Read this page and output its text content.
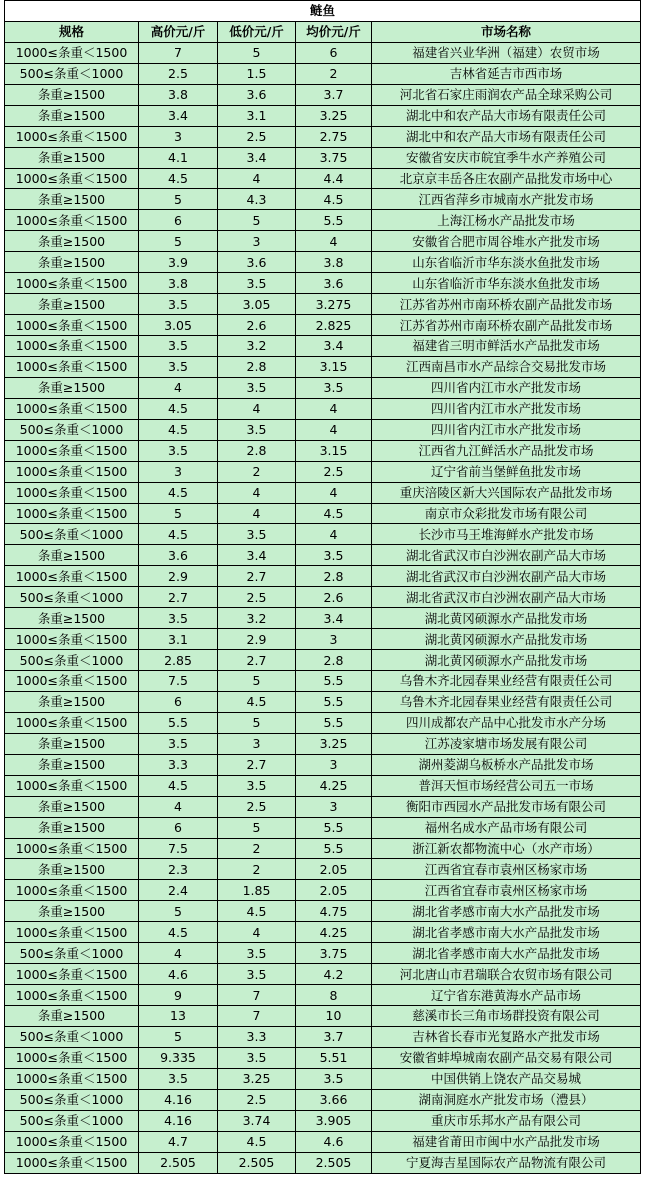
鲢鱼				
规格	高价元/斤	低价元/斤	均价元/斤	市场名称
1000≤条重＜1500	7	5	6	福建省兴业华洲（福建）农贸市场
500≤条重＜1000	2.5	1.5	2	吉林省延吉市西市场
条重≥1500	3.8	3.6	3.7	河北省石家庄雨润农产品全球采购公司
条重≥1500	3.4	3.1	3.25	湖北中和农产品大市场有限责任公司
1000≤条重＜1500	3	2.5	2.75	湖北中和农产品大市场有限责任公司
条重≥1500	4.1	3.4	3.75	安徽省安庆市皖宜季牛水产养殖公司
1000≤条重＜1500	4.5	4	4.4	北京京丰岳各庄农副产品批发市场中心
条重≥1500	5	4.3	4.5	江西省萍乡市城南水产批发市场
1000≤条重＜1500	6	5	5.5	上海江杨水产品批发市场
条重≥1500	5	3	4	安徽省合肥市周谷堆水产批发市场
条重≥1500	3.9	3.6	3.8	山东省临沂市华东淡水鱼批发市场
1000≤条重＜1500	3.8	3.5	3.6	山东省临沂市华东淡水鱼批发市场
条重≥1500	3.5	3.05	3.275	江苏省苏州市南环桥农副产品批发市场
1000≤条重＜1500	3.05	2.6	2.825	江苏省苏州市南环桥农副产品批发市场
1000≤条重＜1500	3.5	3.2	3.4	福建省三明市鲜活水产品批发市场
1000≤条重＜1500	3.5	2.8	3.15	江西南昌市水产品综合交易批发市场
条重≥1500	4	3.5	3.5	四川省内江市水产批发市场
1000≤条重＜1500	4.5	4	4	四川省内江市水产批发市场
500≤条重＜1000	4.5	3.5	4	四川省内江市水产批发市场
1000≤条重＜1500	3.5	2.8	3.15	江西省九江鲜活水产品批发市场
1000≤条重＜1500	3	2	2.5	辽宁省前当堡鲜鱼批发市场
1000≤条重＜1500	4.5	4	4	重庆涪陵区新大兴国际农产品批发市场
1000≤条重＜1500	5	4	4.5	南京市众彩批发市场有限公司
500≤条重＜1000	4.5	3.5	4	长沙市马王堆海鲜水产批发市场
条重≥1500	3.6	3.4	3.5	湖北省武汉市白沙洲农副产品大市场
1000≤条重＜1500	2.9	2.7	2.8	湖北省武汉市白沙洲农副产品大市场
500≤条重＜1000	2.7	2.5	2.6	湖北省武汉市白沙洲农副产品大市场
条重≥1500	3.5	3.2	3.4	湖北黄冈硕源水产品批发市场
1000≤条重＜1500	3.1	2.9	3	湖北黄冈硕源水产品批发市场
500≤条重＜1000	2.85	2.7	2.8	湖北黄冈硕源水产品批发市场
1000≤条重＜1500	7.5	5	5.5	乌鲁木齐北园春果业经营有限责任公司
条重≥1500	6	4.5	5.5	乌鲁木齐北园春果业经营有限责任公司
1000≤条重＜1500	5.5	5	5.5	四川成都农产品中心批发市水产分场
条重≥1500	3.5	3	3.25	江苏凌家塘市场发展有限公司
条重≥1500	3.3	2.7	3	湖州菱湖乌板桥水产品批发市场
1000≤条重＜1500	4.5	3.5	4.25	普洱天恒市场经营公司五一市场
条重≥1500	4	2.5	3	衡阳市西园水产品批发市场有限公司
条重≥1500	6	5	5.5	福州名成水产品市场有限公司
1000≤条重＜1500	7.5	2	5.5	浙江新农都物流中心（水产市场）
条重≥1500	2.3	2	2.05	江西省宜春市袁州区杨家市场
1000≤条重＜1500	2.4	1.85	2.05	江西省宜春市袁州区杨家市场
条重≥1500	5	4.5	4.75	湖北省孝感市南大水产品批发市场
1000≤条重＜1500	4.5	4	4.25	湖北省孝感市南大水产品批发市场
500≤条重＜1000	4	3.5	3.75	湖北省孝感市南大水产品批发市场
1000≤条重＜1500	4.6	3.5	4.2	河北唐山市君瑞联合农贸市场有限公司
1000≤条重＜1500	9	7	8	辽宁省东港黄海水产品市场
条重≥1500	13	7	10	慈溪市长三角市场群投资有限公司
500≤条重＜1000	5	3.3	3.7	吉林省长春市光复路水产批发市场
1000≤条重＜1500	9.335	3.5	5.51	安徽省蚌埠城南农副产品交易有限公司
1000≤条重＜1500	3.5	3.25	3.5	中国供销上饶农产品交易城
500≤条重＜1000	4.16	2.5	3.66	湖南洞庭水产批发市场（澧县）
500≤条重＜1000	4.16	3.74	3.905	重庆市乐邦水产品有限公司
1000≤条重＜1500	4.7	4.5	4.6	福建省莆田市闽中水产品批发市场
1000≤条重＜1500	2.505	2.505	2.505	宁夏海吉星国际农产品物流有限公司
